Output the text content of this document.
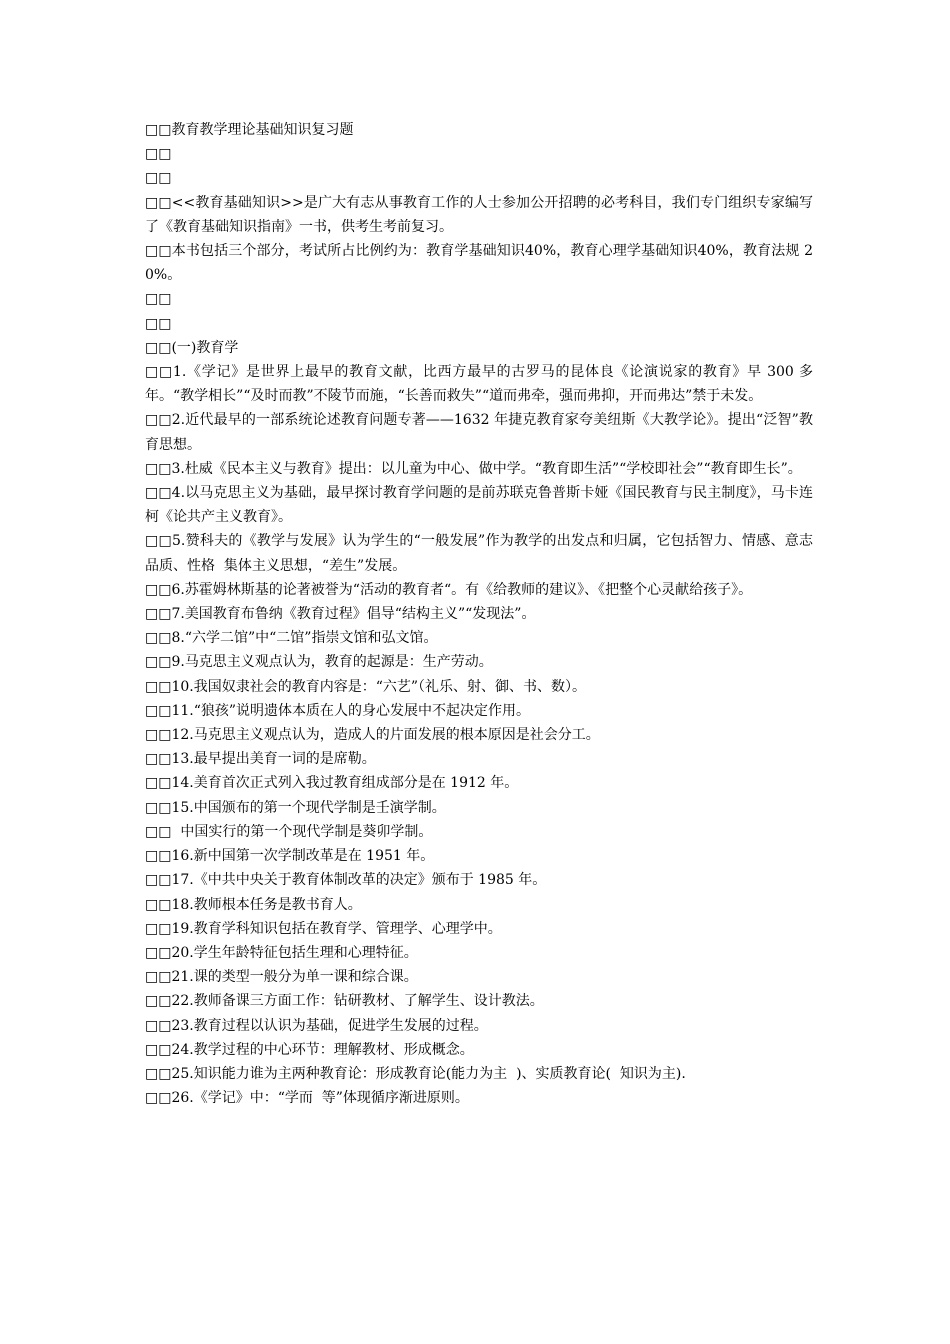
□□教育教学理论基础知识复习题

□□

□□

□□<<教育基础知识>>是广大有志从事教育工作的人士参加公开招聘的必考科目，我们专门组织专家编写了《教育基础知识指南》一书，供考生考前复习。

□□本书包括三个部分，考试所占比例约为：教育学基础知识40%，教育心理学基础知识40%，教育法规 20%。

□□

□□

□□(一)教育学

□□1.《学记》是世界上最早的教育文献，比西方最早的古罗马的昆体良《论演说家的教育》早 300 多年。“教学相长”“及时而教”不陵节而施，“长善而救失”“道而弗牵，强而弗抑，开而弗达”禁于未发。

□□2.近代最早的一部系统论述教育问题专著——1632 年捷克教育家夸美纽斯《大教学论》。提出“泛智”教育思想。

□□3.杜威《民本主义与教育》提出：以儿童为中心、做中学。“教育即生活”“学校即社会”“教育即生长”。

□□4.以马克思主义为基础，最早探讨教育学问题的是前苏联克鲁普斯卡娅《国民教育与民主制度》，马卡连柯《论共产主义教育》。

□□5.赞科夫的《教学与发展》认为学生的“一般发展”作为教学的出发点和归属，它包括智力、情感、意志品质、性格  集体主义思想，“差生”发展。

□□6.苏霍姆林斯基的论著被誉为“活动的教育者“。有《给教师的建议》、《把整个心灵献给孩子》。

□□7.美国教育布鲁纳《教育过程》倡导“结构主义”“发现法”。

□□8.“六学二馆”中“二馆”指崇文馆和弘文馆。

□□9.马克思主义观点认为，教育的起源是：生产劳动。

□□10.我国奴隶社会的教育内容是：“六艺”（礼乐、射、御、书、数）。

□□11.“狼孩”说明遗体本质在人的身心发展中不起决定作用。

□□12.马克思主义观点认为，造成人的片面发展的根本原因是社会分工。

□□13.最早提出美育一词的是席勒。

□□14.美育首次正式列入我过教育组成部分是在 1912 年。

□□15.中国颁布的第一个现代学制是壬演学制。

□□  中国实行的第一个现代学制是葵卯学制。

□□16.新中国第一次学制改革是在 1951 年。

□□17.《中共中央关于教育体制改革的决定》颁布于 1985 年。

□□18.教师根本任务是教书育人。

□□19.教育学科知识包括在教育学、管理学、心理学中。

□□20.学生年龄特征包括生理和心理特征。

□□21.课的类型一般分为单一课和综合课。

□□22.教师备课三方面工作：钻研教材、了解学生、设计教法。

□□23.教育过程以认识为基础，促进学生发展的过程。

□□24.教学过程的中心环节：理解教材、形成概念。

□□25.知识能力谁为主两种教育论：形成教育论(能力为主  )、实质教育论(  知识为主).

□□26.《学记》中：“学而  等”体现循序渐进原则。
